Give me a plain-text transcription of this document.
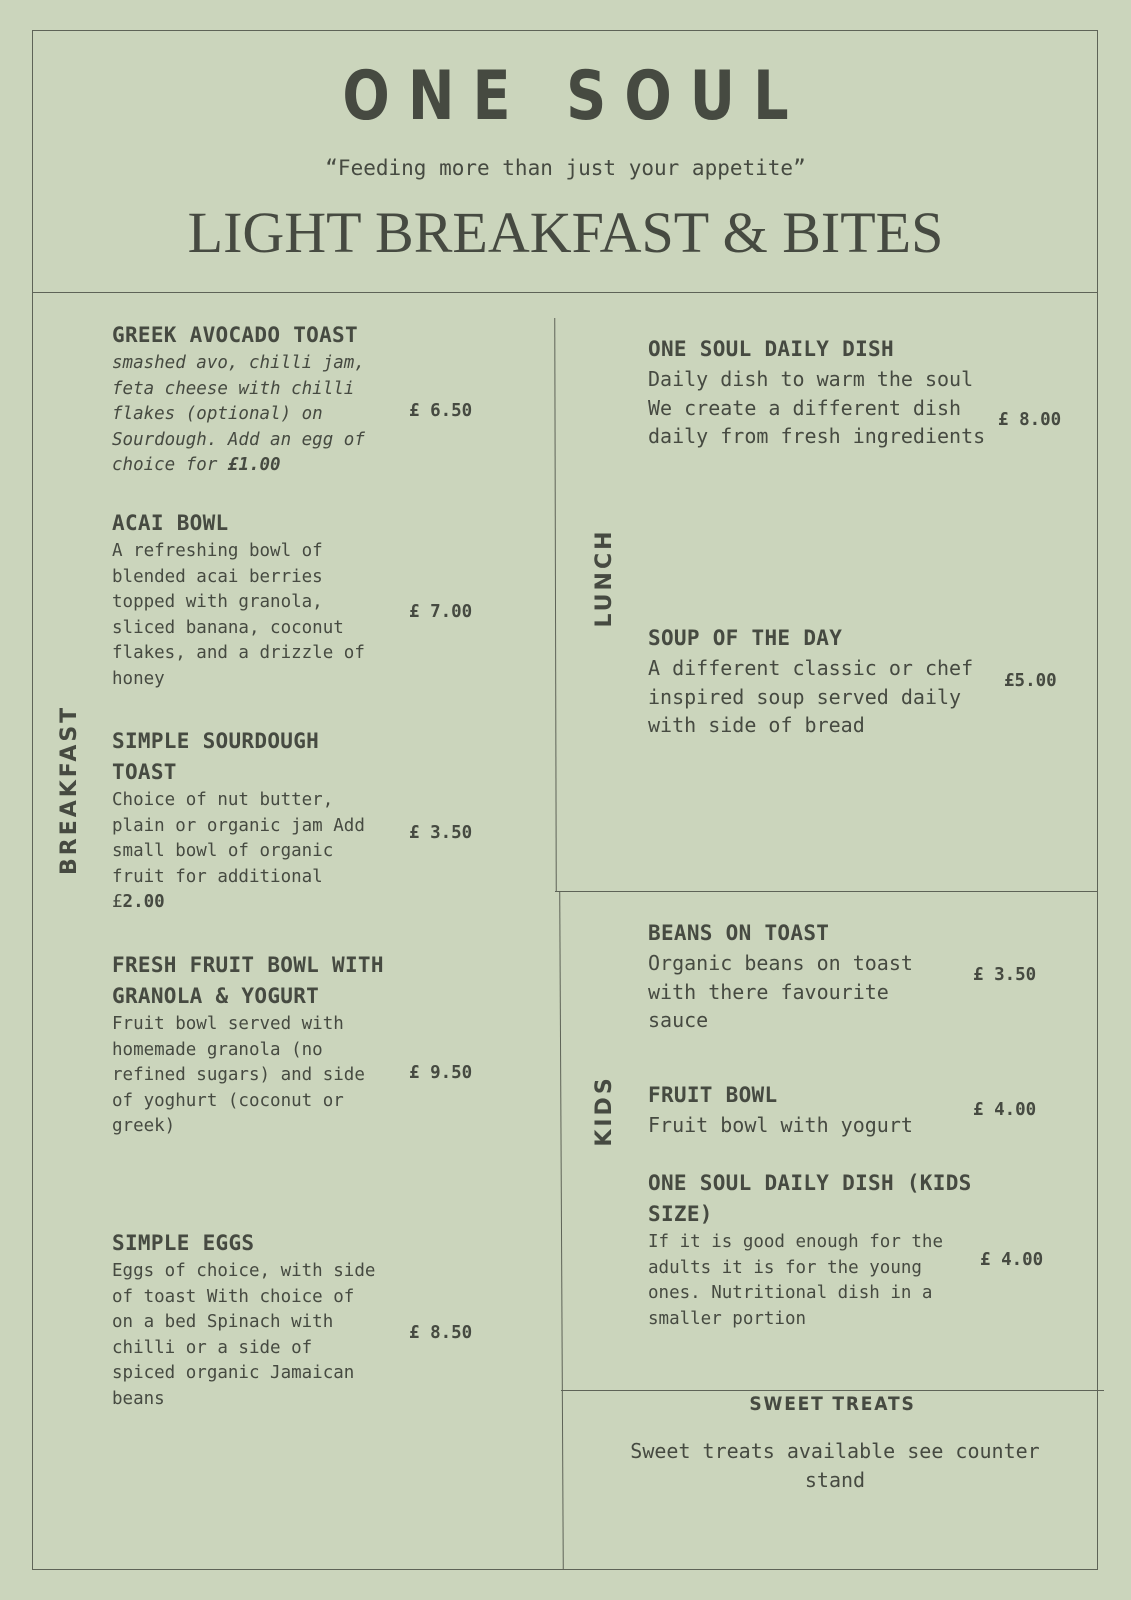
ONE SOUL
“Feeding more than just your appetite”
LIGHT BREAKFAST & BITES
BREAKFAST
LUNCH
KIDS
GREEK AVOCADO TOAST
smashed avo, chilli jam, feta cheese with chilli flakes (optional) on Sourdough. Add an egg of choice for £1.00
£ 6.50
ACAI BOWL
A refreshing bowl of blended acai berries topped with granola, sliced banana, coconut flakes, and a drizzle of honey
£ 7.00
SIMPLE SOURDOUGH TOAST
Choice of nut butter, plain or organic jam Add small bowl of organic fruit for additional £2.00
£ 3.50
FRESH FRUIT BOWL WITH GRANOLA & YOGURT
Fruit bowl served with homemade granola (no refined sugars) and side of yoghurt (coconut or greek)
£ 9.50
SIMPLE EGGS
Eggs of choice, with side of toast With choice of on a bed Spinach with chilli or a side of spiced organic Jamaican beans
£ 8.50
ONE SOUL DAILY DISH
Daily dish to warm the soul We create a different dish daily from fresh ingredients
£ 8.00
SOUP OF THE DAY
A different classic or chef inspired soup served daily with side of bread
£5.00
BEANS ON TOAST
Organic beans on toast with there favourite sauce
£ 3.50
FRUIT BOWL
Fruit bowl with yogurt
£ 4.00
ONE SOUL DAILY DISH (KIDS SIZE)
If it is good enough for the adults it is for the young ones. Nutritional dish in a smaller portion
£ 4.00
SWEET TREATS
Sweet treats available see counter stand
